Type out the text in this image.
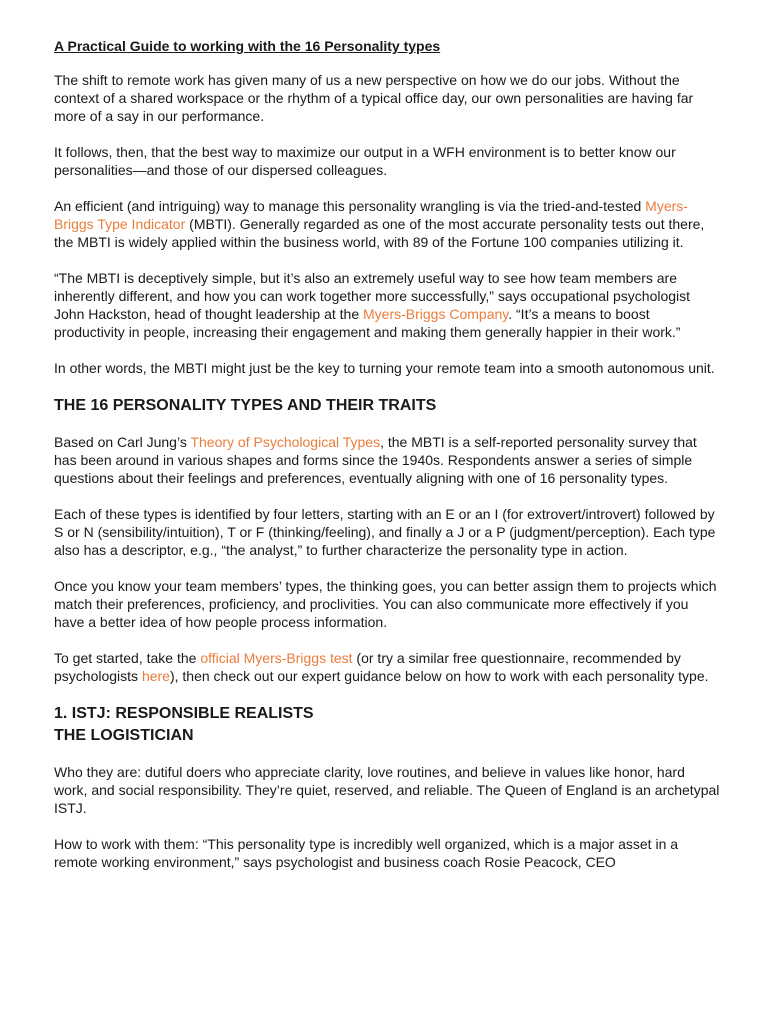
A Practical Guide to working with the 16 Personality types

The shift to remote work has given many of us a new perspective on how we do our jobs. Without the context of a shared workspace or the rhythm of a typical office day, our own personalities are having far more of a say in our performance.

It follows, then, that the best way to maximize our output in a WFH environment is to better know our personalities—and those of our dispersed colleagues.

An efficient (and intriguing) way to manage this personality wrangling is via the tried-and-tested Myers-Briggs Type Indicator (MBTI). Generally regarded as one of the most accurate personality tests out there, the MBTI is widely applied within the business world, with 89 of the Fortune 100 companies utilizing it.

“The MBTI is deceptively simple, but it’s also an extremely useful way to see how team members are inherently different, and how you can work together more successfully,” says occupational psychologist John Hackston, head of thought leadership at the Myers-Briggs Company. “It’s a means to boost productivity in people, increasing their engagement and making them generally happier in their work.”

In other words, the MBTI might just be the key to turning your remote team into a smooth autonomous unit.

THE 16 PERSONALITY TYPES AND THEIR TRAITS

Based on Carl Jung’s Theory of Psychological Types, the MBTI is a self-reported personality survey that has been around in various shapes and forms since the 1940s. Respondents answer a series of simple questions about their feelings and preferences, eventually aligning with one of 16 personality types.

Each of these types is identified by four letters, starting with an E or an I (for extrovert/introvert) followed by S or N (sensibility/intuition), T or F (thinking/feeling), and finally a J or a P (judgment/perception). Each type also has a descriptor, e.g., “the analyst,” to further characterize the personality type in action.

Once you know your team members’ types, the thinking goes, you can better assign them to projects which match their preferences, proficiency, and proclivities. You can also communicate more effectively if you have a better idea of how people process information.

To get started, take the official Myers-Briggs test (or try a similar free questionnaire, recommended by psychologists here), then check out our expert guidance below on how to work with each personality type.

1. ISTJ: RESPONSIBLE REALISTS
THE LOGISTICIAN

Who they are: dutiful doers who appreciate clarity, love routines, and believe in values like honor, hard work, and social responsibility. They’re quiet, reserved, and reliable. The Queen of England is an archetypal ISTJ.

How to work with them: “This personality type is incredibly well organized, which is a major asset in a remote working environment,” says psychologist and business coach Rosie Peacock, CEO
